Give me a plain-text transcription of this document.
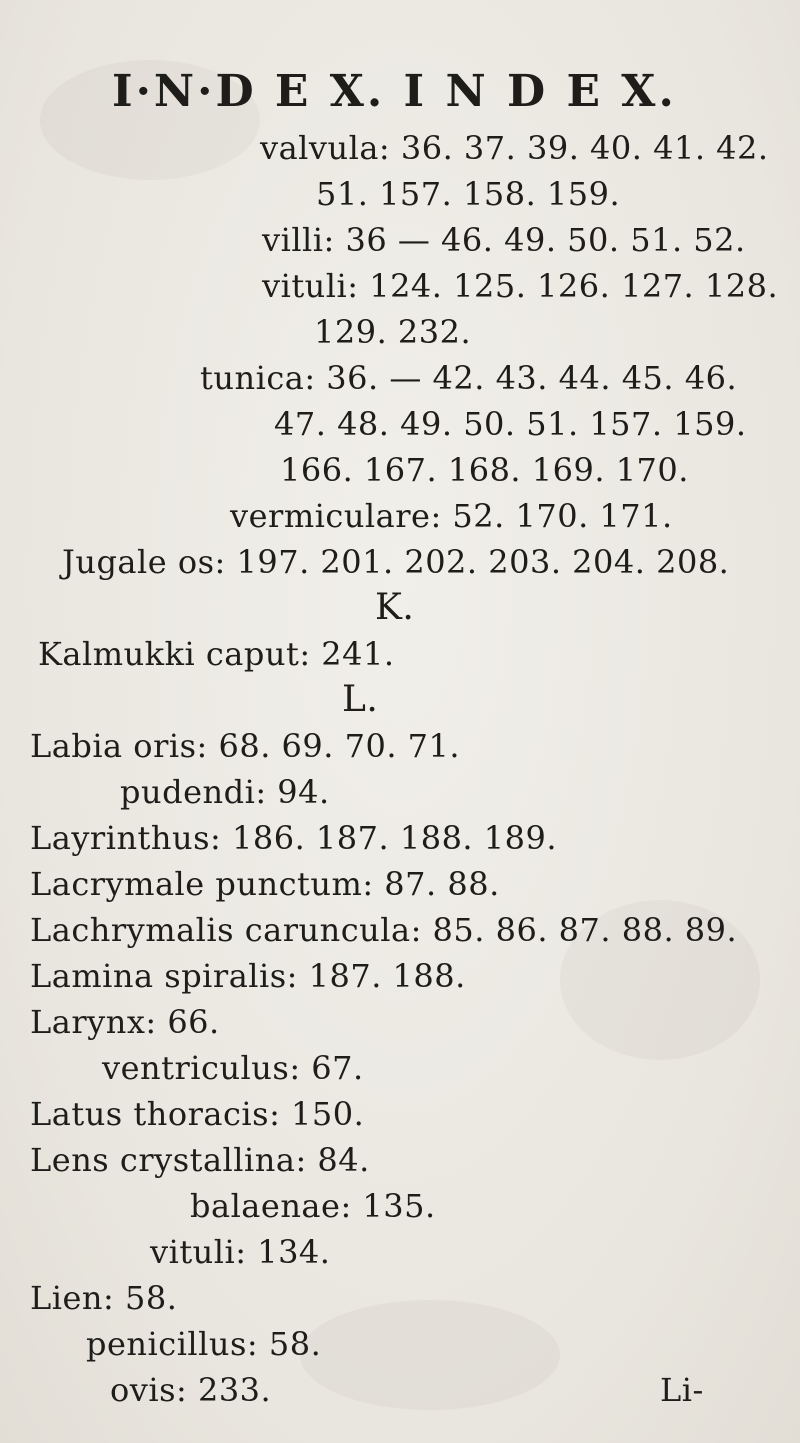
I·N·D E X. I N D E X.
valvula: 36. 37. 39. 40. 41. 42.
51. 157. 158. 159.
villi: 36 — 46. 49. 50. 51. 52.
vituli: 124. 125. 126. 127. 128.
129. 232.
tunica: 36. — 42. 43. 44. 45. 46.
47. 48. 49. 50. 51. 157. 159.
166. 167. 168. 169. 170.
vermiculare: 52. 170. 171.
Jugale os: 197. 201. 202. 203. 204. 208.
K.
Kalmukki caput: 241.
L.
Labia oris: 68. 69. 70. 71.
pudendi: 94.
Layrinthus: 186. 187. 188. 189.
Lacrymale punctum: 87. 88.
Lachrymalis caruncula: 85. 86. 87. 88. 89.
Lamina spiralis: 187. 188.
Larynx: 66.
ventriculus: 67.
Latus thoracis: 150.
Lens crystallina: 84.
balaenae: 135.
vituli: 134.
Lien: 58.
penicillus: 58.
ovis: 233.	Li-
